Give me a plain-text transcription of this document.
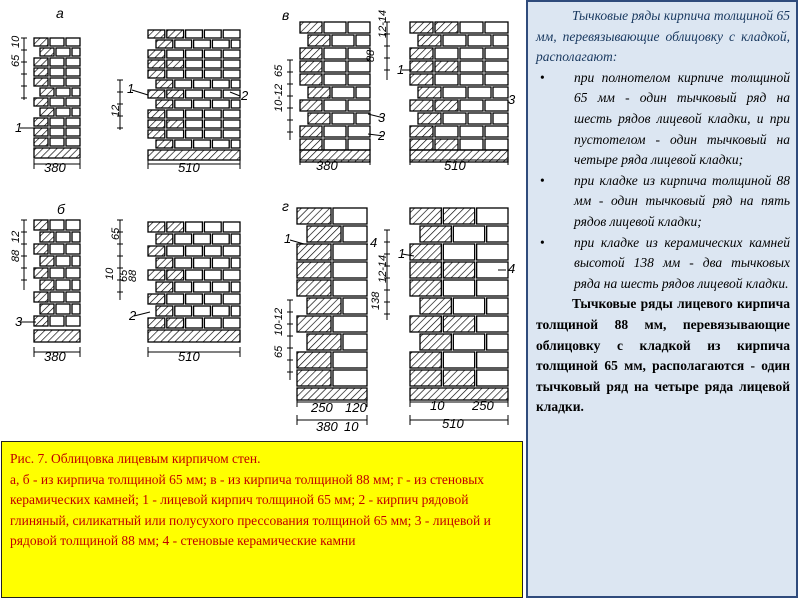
а
б
в
г
380	510
380	510
380	510
250 120
380 10
250
510
10
65
10
12
88
12	65
10 65
88
88
12-14
10-12
65
138
12-14
65
10-12
1
1
2
3	2
1
3
3
2
1	4
1
4

Рис. 7. Облицовка лицевым кирпичом стен.

а, б - из кирпича толщиной 65 мм; в - из кирпича толщиной 88 мм; г - из стеновых керамических камней; 1 - лицевой кирпич толщиной 65 мм; 2 - кирпич рядовой глиняный, силикатный или полусухого прессования толщиной 65 мм; 3 - лицевой и рядовой толщиной 88 мм; 4 - стеновые керамические камни

Тычковые ряды кирпича толщиной 65 мм, перевязывающие облицовку с кладкой, располагают:

• при полнотелом кирпиче толщиной 65 мм - один тычковый ряд на шесть рядов лицевой кладки, и при пустотелом - один тычковый на четыре ряда лицевой кладки;
• при кладке из кирпича толщиной 88 мм - один тычковый ряд на пять рядов лицевой кладки;
• при кладке из керамических камней высотой 138 мм - два тычковых ряда на шесть рядов лицевой кладки.

Тычковые ряды лицевого кирпича толщиной 88 мм, перевязывающие облицовку с кладкой из кирпича толщиной 65 мм, располагаются - один тычковый ряд на четыре ряда лицевой кладки.
